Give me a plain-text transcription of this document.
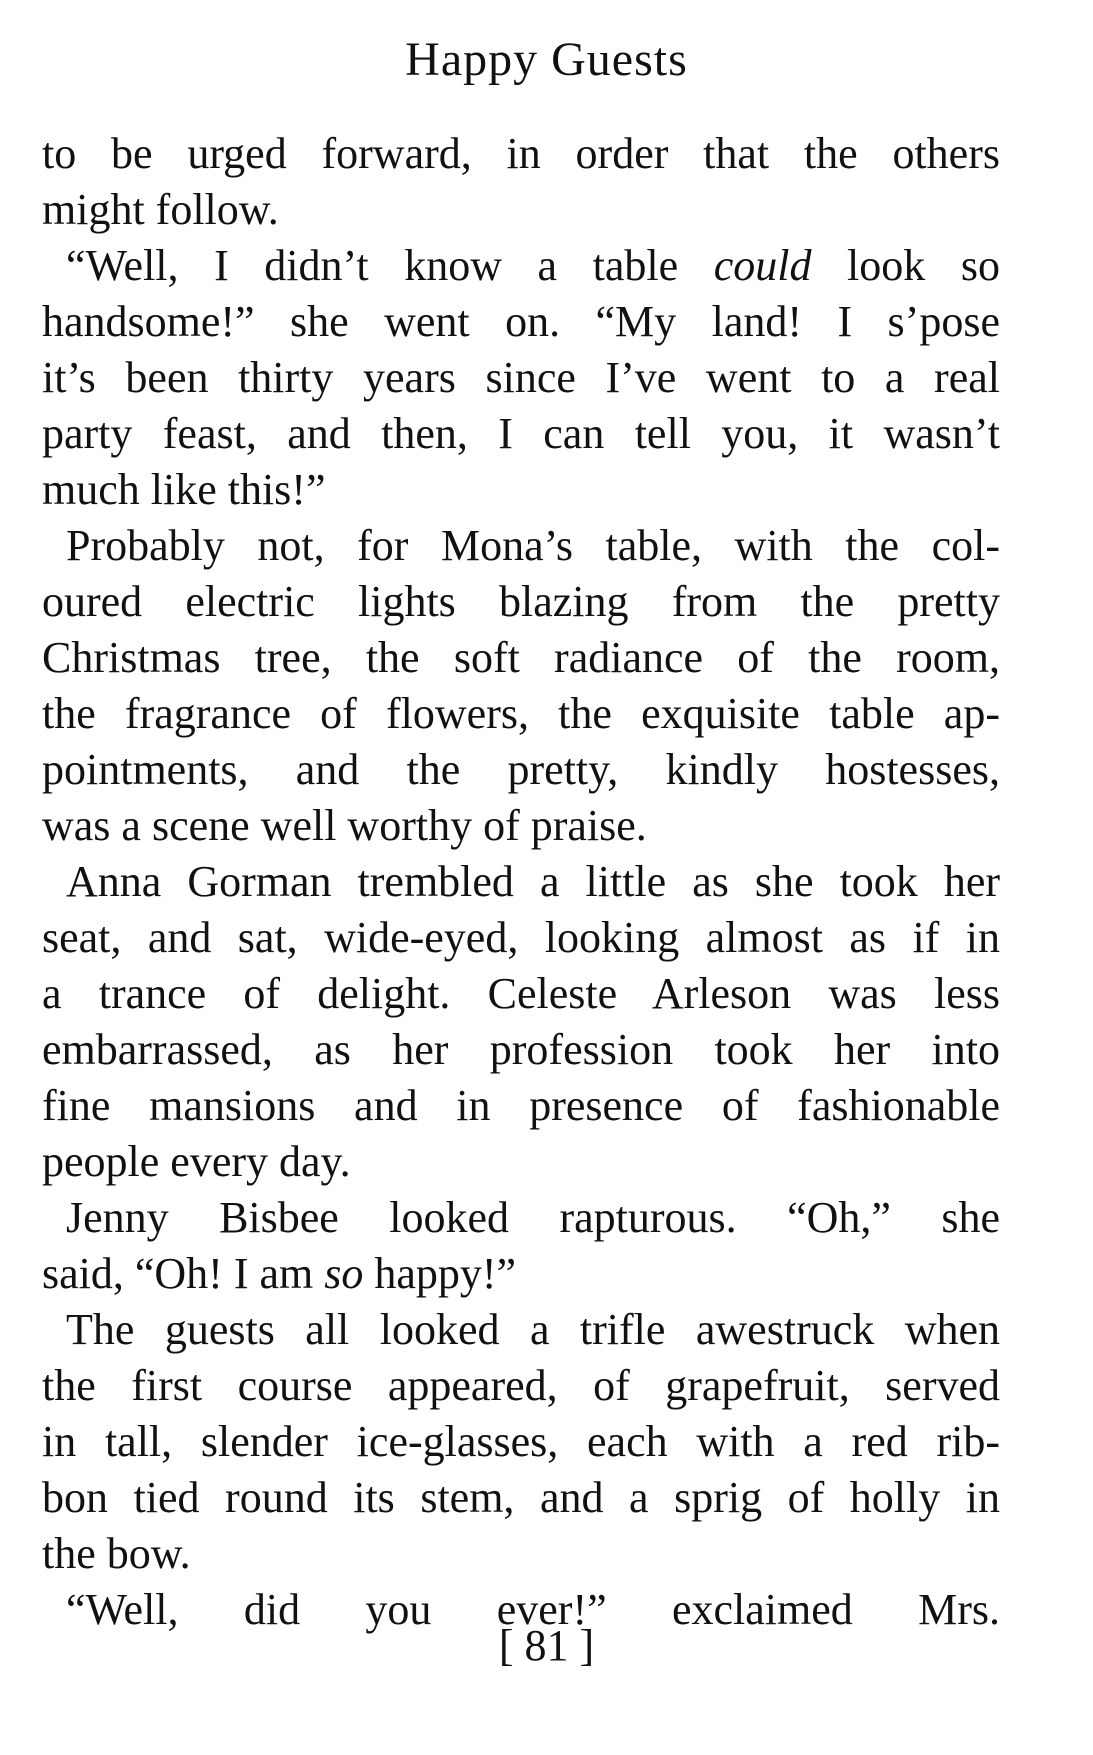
Happy Guests
to be urged forward, in order that the others
might follow.
“Well, I didn’t know a table could look so
handsome!” she went on. “My land! I s’pose
it’s been thirty years since I’ve went to a real
party feast, and then, I can tell you, it wasn’t
much like this!”
Probably not, for Mona’s table, with the col-
oured electric lights blazing from the pretty
Christmas tree, the soft radiance of the room,
the fragrance of flowers, the exquisite table ap-
pointments, and the pretty, kindly hostesses,
was a scene well worthy of praise.
Anna Gorman trembled a little as she took her
seat, and sat, wide-eyed, looking almost as if in
a trance of delight. Celeste Arleson was less
embarrassed, as her profession took her into
fine mansions and in presence of fashionable
people every day.
Jenny Bisbee looked rapturous. “Oh,” she
said, “Oh! I am so happy!”
The guests all looked a trifle awestruck when
the first course appeared, of grapefruit, served
in tall, slender ice-glasses, each with a red rib-
bon tied round its stem, and a sprig of holly in
the bow.
“Well, did you ever!” exclaimed Mrs.
[ 81 ]
